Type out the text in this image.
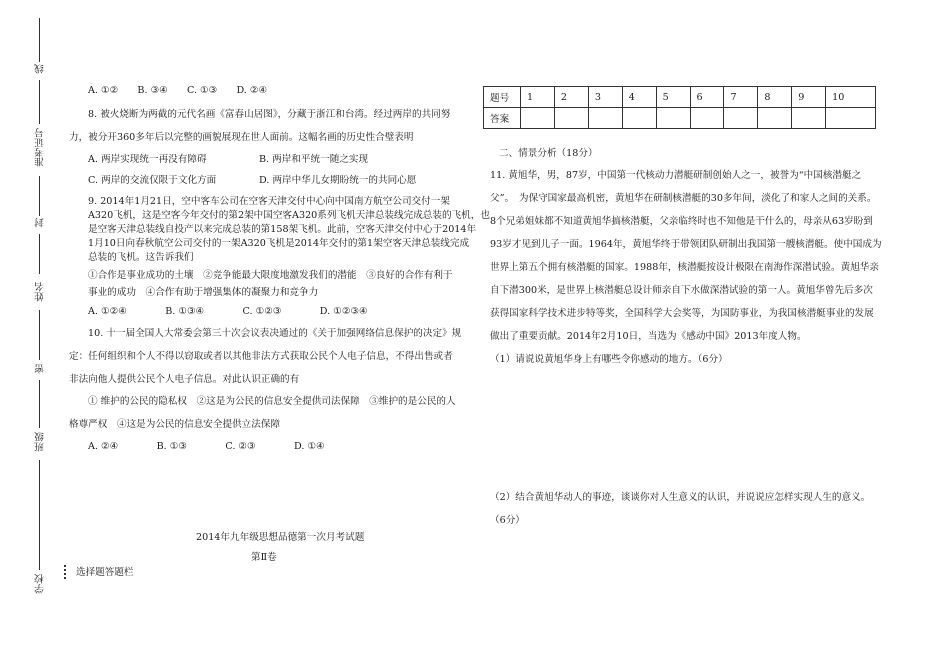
线
准考证号
封
姓名
密
班级
学校
A. ①②　　B. ③④　　C. ①③　　D. ②④
8. 被火烧断为两截的元代名画《富春山居图》，分藏于浙江和台湾。经过两岸的共同努
力，被分开360多年后以完整的画貌展现在世人面前。这幅名画的历史性合璧表明
A. 两岸实现统一再没有障碍	B. 两岸和平统一随之实现
C. 两岸的交流仅限于文化方面	D. 两岸中华儿女期盼统一的共同心愿
9. 2014年1月21日，空中客车公司在空客天津交付中心向中国南方航空公司交付一架
A320飞机，这是空客今年交付的第2架中国空客A320系列飞机天津总装线完成总装的飞机，也
是空客天津总装线自投产以来完成总装的第158架飞机。此前，空客天津交付中心于2014年
1月10日向春秋航空公司交付的一架A320飞机是2014年交付的第1架空客天津总装线完成
总装的飞机。这告诉我们
①合作是事业成功的土壤　②竞争能最大限度地激发我们的潜能　③良好的合作有利于
事业的成功　④合作有助于增强集体的凝聚力和竞争力
A. ①②④　　　　B. ①③④　　　　C. ①②③　　　　D. ①②③④
10. 十一届全国人大常委会第三十次会议表决通过的《关于加强网络信息保护的决定》规
定：任何组织和个人不得以窃取或者以其他非法方式获取公民个人电子信息，不得出售或者
非法向他人提供公民个人电子信息。对此认识正确的有
① 维护的公民的隐私权　②这是为公民的信息安全提供司法保障　③维护的是公民的人
格尊严权　④这是为公民的信息安全提供立法保障
A. ②④　　　　B. ①③　　　　C. ②③　　　　D. ①④
2014年九年级思想品德第一次月考试题
第Ⅱ卷
选择题答题栏
题号	1	2	3	4	5	6	7	8	9	10
答案										
二、情景分析（18分）
11. 黄旭华，男，87岁，中国第一代核动力潜艇研制创始人之一，被誉为“中国核潜艇之
父”。　为保守国家最高机密，黄旭华在研制核潜艇的30多年间，淡化了和家人之间的关系。
8个兄弟姐妹都不知道黄旭华搞核潜艇，父亲临终时也不知他是干什么的，母亲从63岁盼到
93岁才见到儿子一面。1964年，黄旭华终于带领团队研制出我国第一艘核潜艇。使中国成为
世界上第五个拥有核潜艇的国家。1988年，核潜艇按设计极限在南海作深潜试验。黄旭华亲
自下潜300米，是世界上核潜艇总设计师亲自下水做深潜试验的第一人。黄旭华曾先后多次
获得国家科学技术进步特等奖，全国科学大会奖等，为国防事业，为我国核潜艇事业的发展
做出了重要贡献。2014年2月10日，当选为《感动中国》2013年度人物。
（1）请说说黄旭华身上有哪些令你感动的地方。（6分）
（2）结合黄旭华动人的事迹，谈谈你对人生意义的认识，并说说应怎样实现人生的意义。
（6分）
